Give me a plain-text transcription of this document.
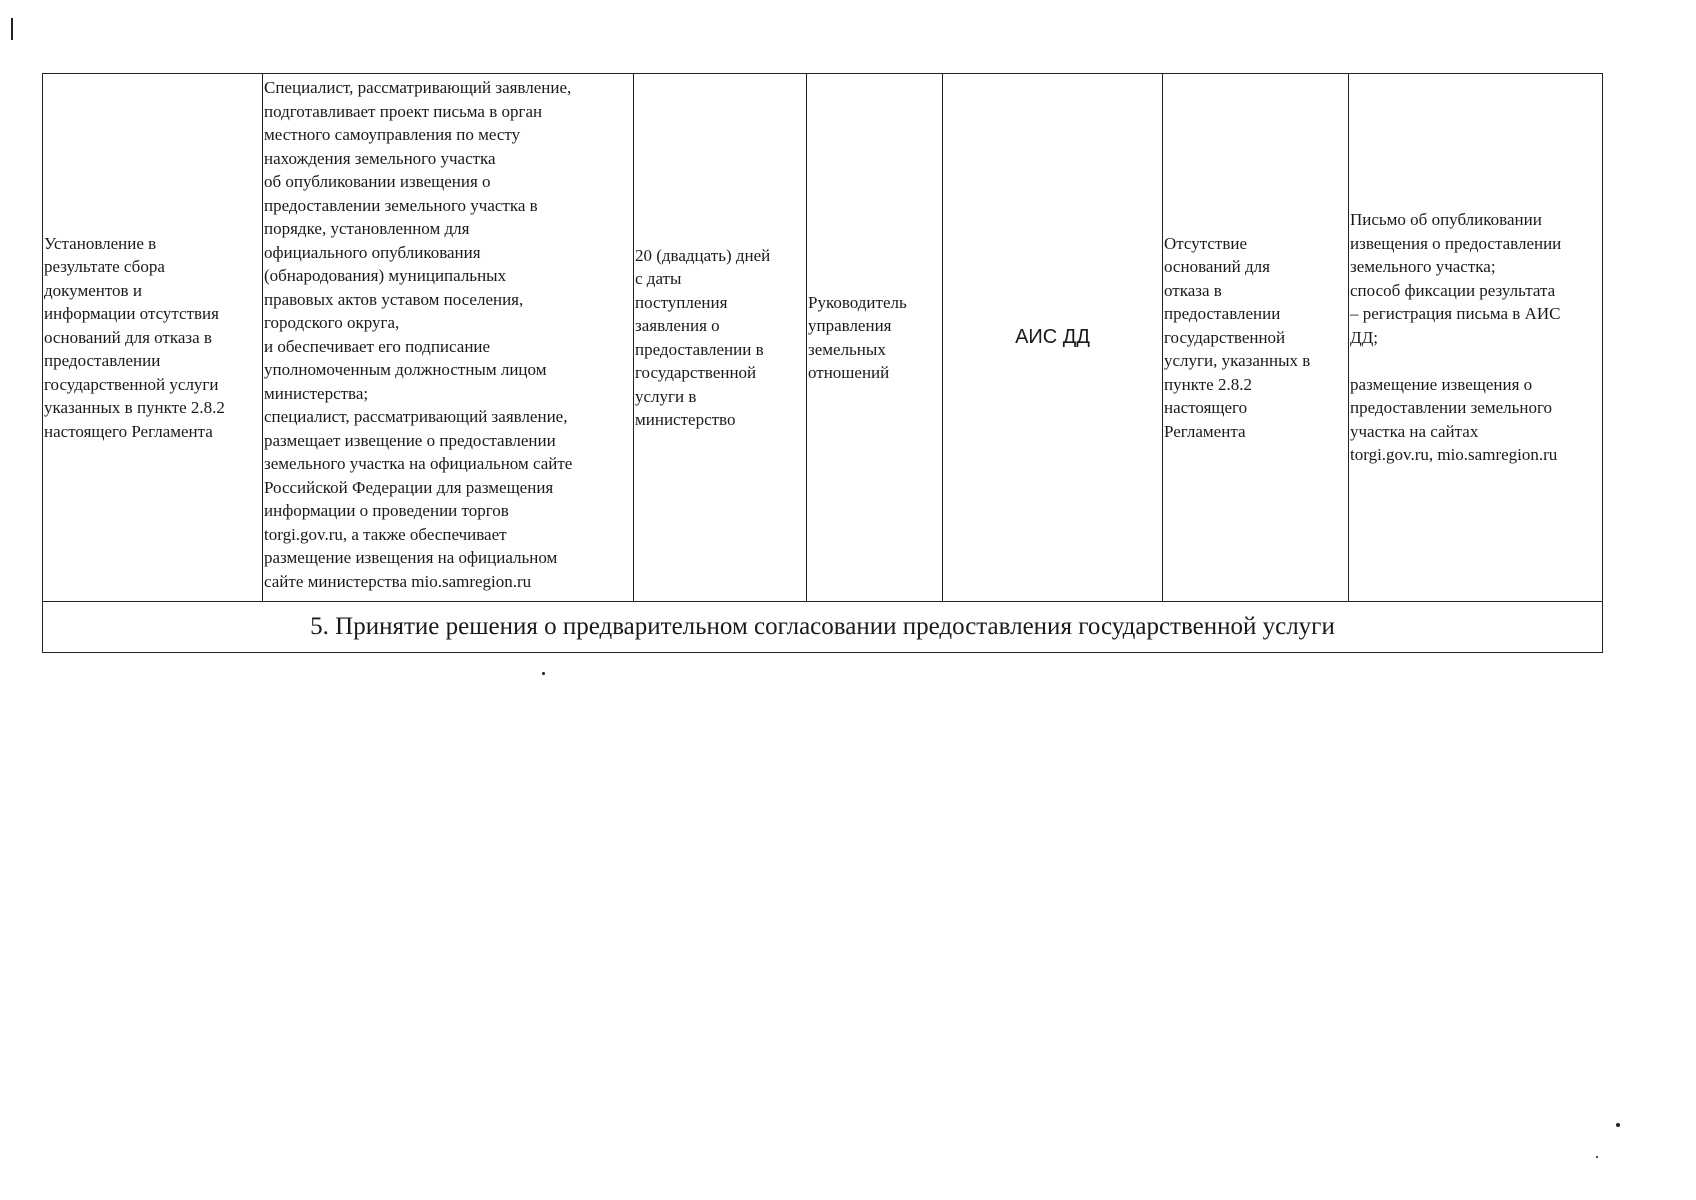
Установление в
результате сбора
документов и
информации отсутствия
оснований для отказа в
предоставлении
государственной услуги
указанных в пункте 2.8.2
настоящего Регламента	Специалист, рассматривающий заявление,
подготавливает проект письма в орган
местного самоуправления по месту
нахождения земельного участка
об опубликовании извещения о
предоставлении земельного участка в
порядке, установленном для
официального опубликования
(обнародования) муниципальных
правовых актов уставом поселения,
городского округа,
и обеспечивает его подписание
уполномоченным должностным лицом
министерства;
специалист, рассматривающий заявление,
размещает извещение о предоставлении
земельного участка на официальном сайте
Российской Федерации для размещения
информации о проведении торгов
torgi.gov.ru, а также обеспечивает
размещение извещения на официальном
сайте министерства mio.samregion.ru	20 (двадцать) дней
с даты
поступления
заявления о
предоставлении в
государственной
услуги в
министерство	Руководитель
управления
земельных
отношений	АИС ДД	Отсутствие
оснований для
отказа в
предоставлении
государственной
услуги, указанных в
пункте 2.8.2
настоящего
Регламента	Письмо об опубликовании
извещения о предоставлении
земельного участка;
способ фиксации результата
– регистрация письма в АИС
ДД;

размещение извещения о
предоставлении земельного
участка на сайтах
torgi.gov.ru, mio.samregion.ru
5. Принятие решения о предварительном согласовании предоставления государственной услуги
